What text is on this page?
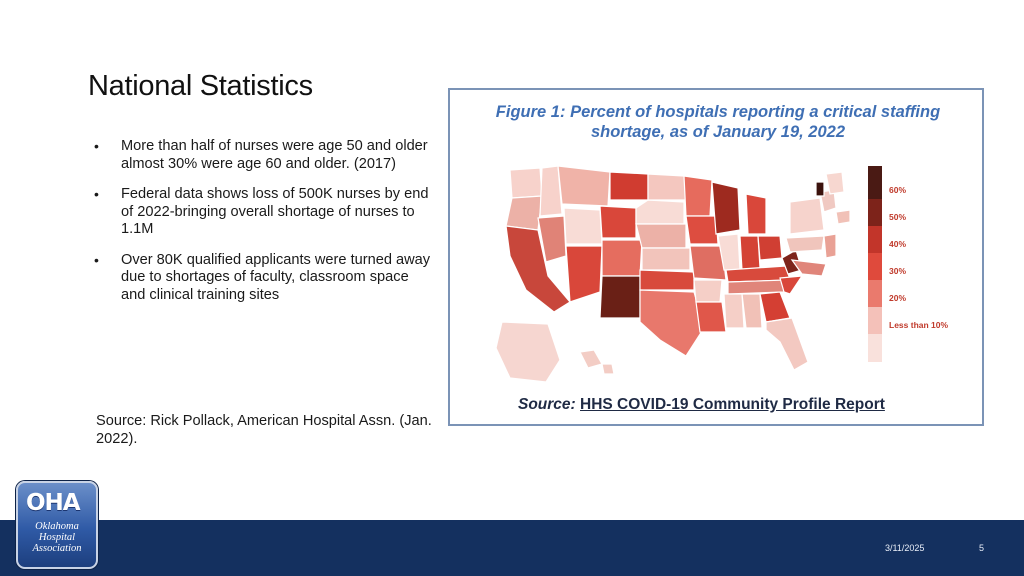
National Statistics
• More than half of nurses were age 50 and older almost 30% were age 60 and older. (2017)
• Federal data shows loss of 500K nurses by end of 2022-bringing overall shortage of nurses to 1.1M
• Over 80K qualified applicants were turned away due to shortages of faculty, classroom space and clinical training sites
Source: Rick Pollack, American Hospital Assn. (Jan. 2022).
Figure 1: Percent of hospitals reporting a critical staffing shortage, as of January 19, 2022
60%
50%
40%
30%
20%
Less than 10%
Source: HHS COVID-19 Community Profile Report
3/11/2025	5
OHA
Oklahoma
Hospital
Association
